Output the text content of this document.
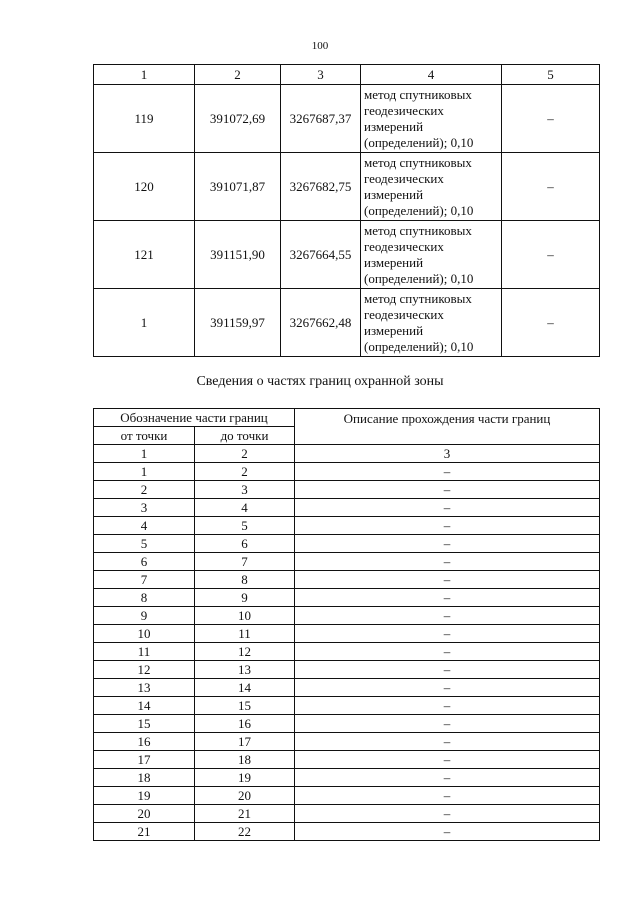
100
1	2	3	4	5
119	391072,69	3267687,37	метод спутниковых
геодезических
измерений
(определений); 0,10	–
120	391071,87	3267682,75	метод спутниковых
геодезических
измерений
(определений); 0,10	–
121	391151,90	3267664,55	метод спутниковых
геодезических
измерений
(определений); 0,10	–
1	391159,97	3267662,48	метод спутниковых
геодезических
измерений
(определений); 0,10	–
Сведения о частях границ охранной зоны
Обозначение части границ		Описание прохождения части границ
от точки	до точки	
1	2	3
1	2	–
2	3	–
3	4	–
4	5	–
5	6	–
6	7	–
7	8	–
8	9	–
9	10	–
10	11	–
11	12	–
12	13	–
13	14	–
14	15	–
15	16	–
16	17	–
17	18	–
18	19	–
19	20	–
20	21	–
21	22	–
